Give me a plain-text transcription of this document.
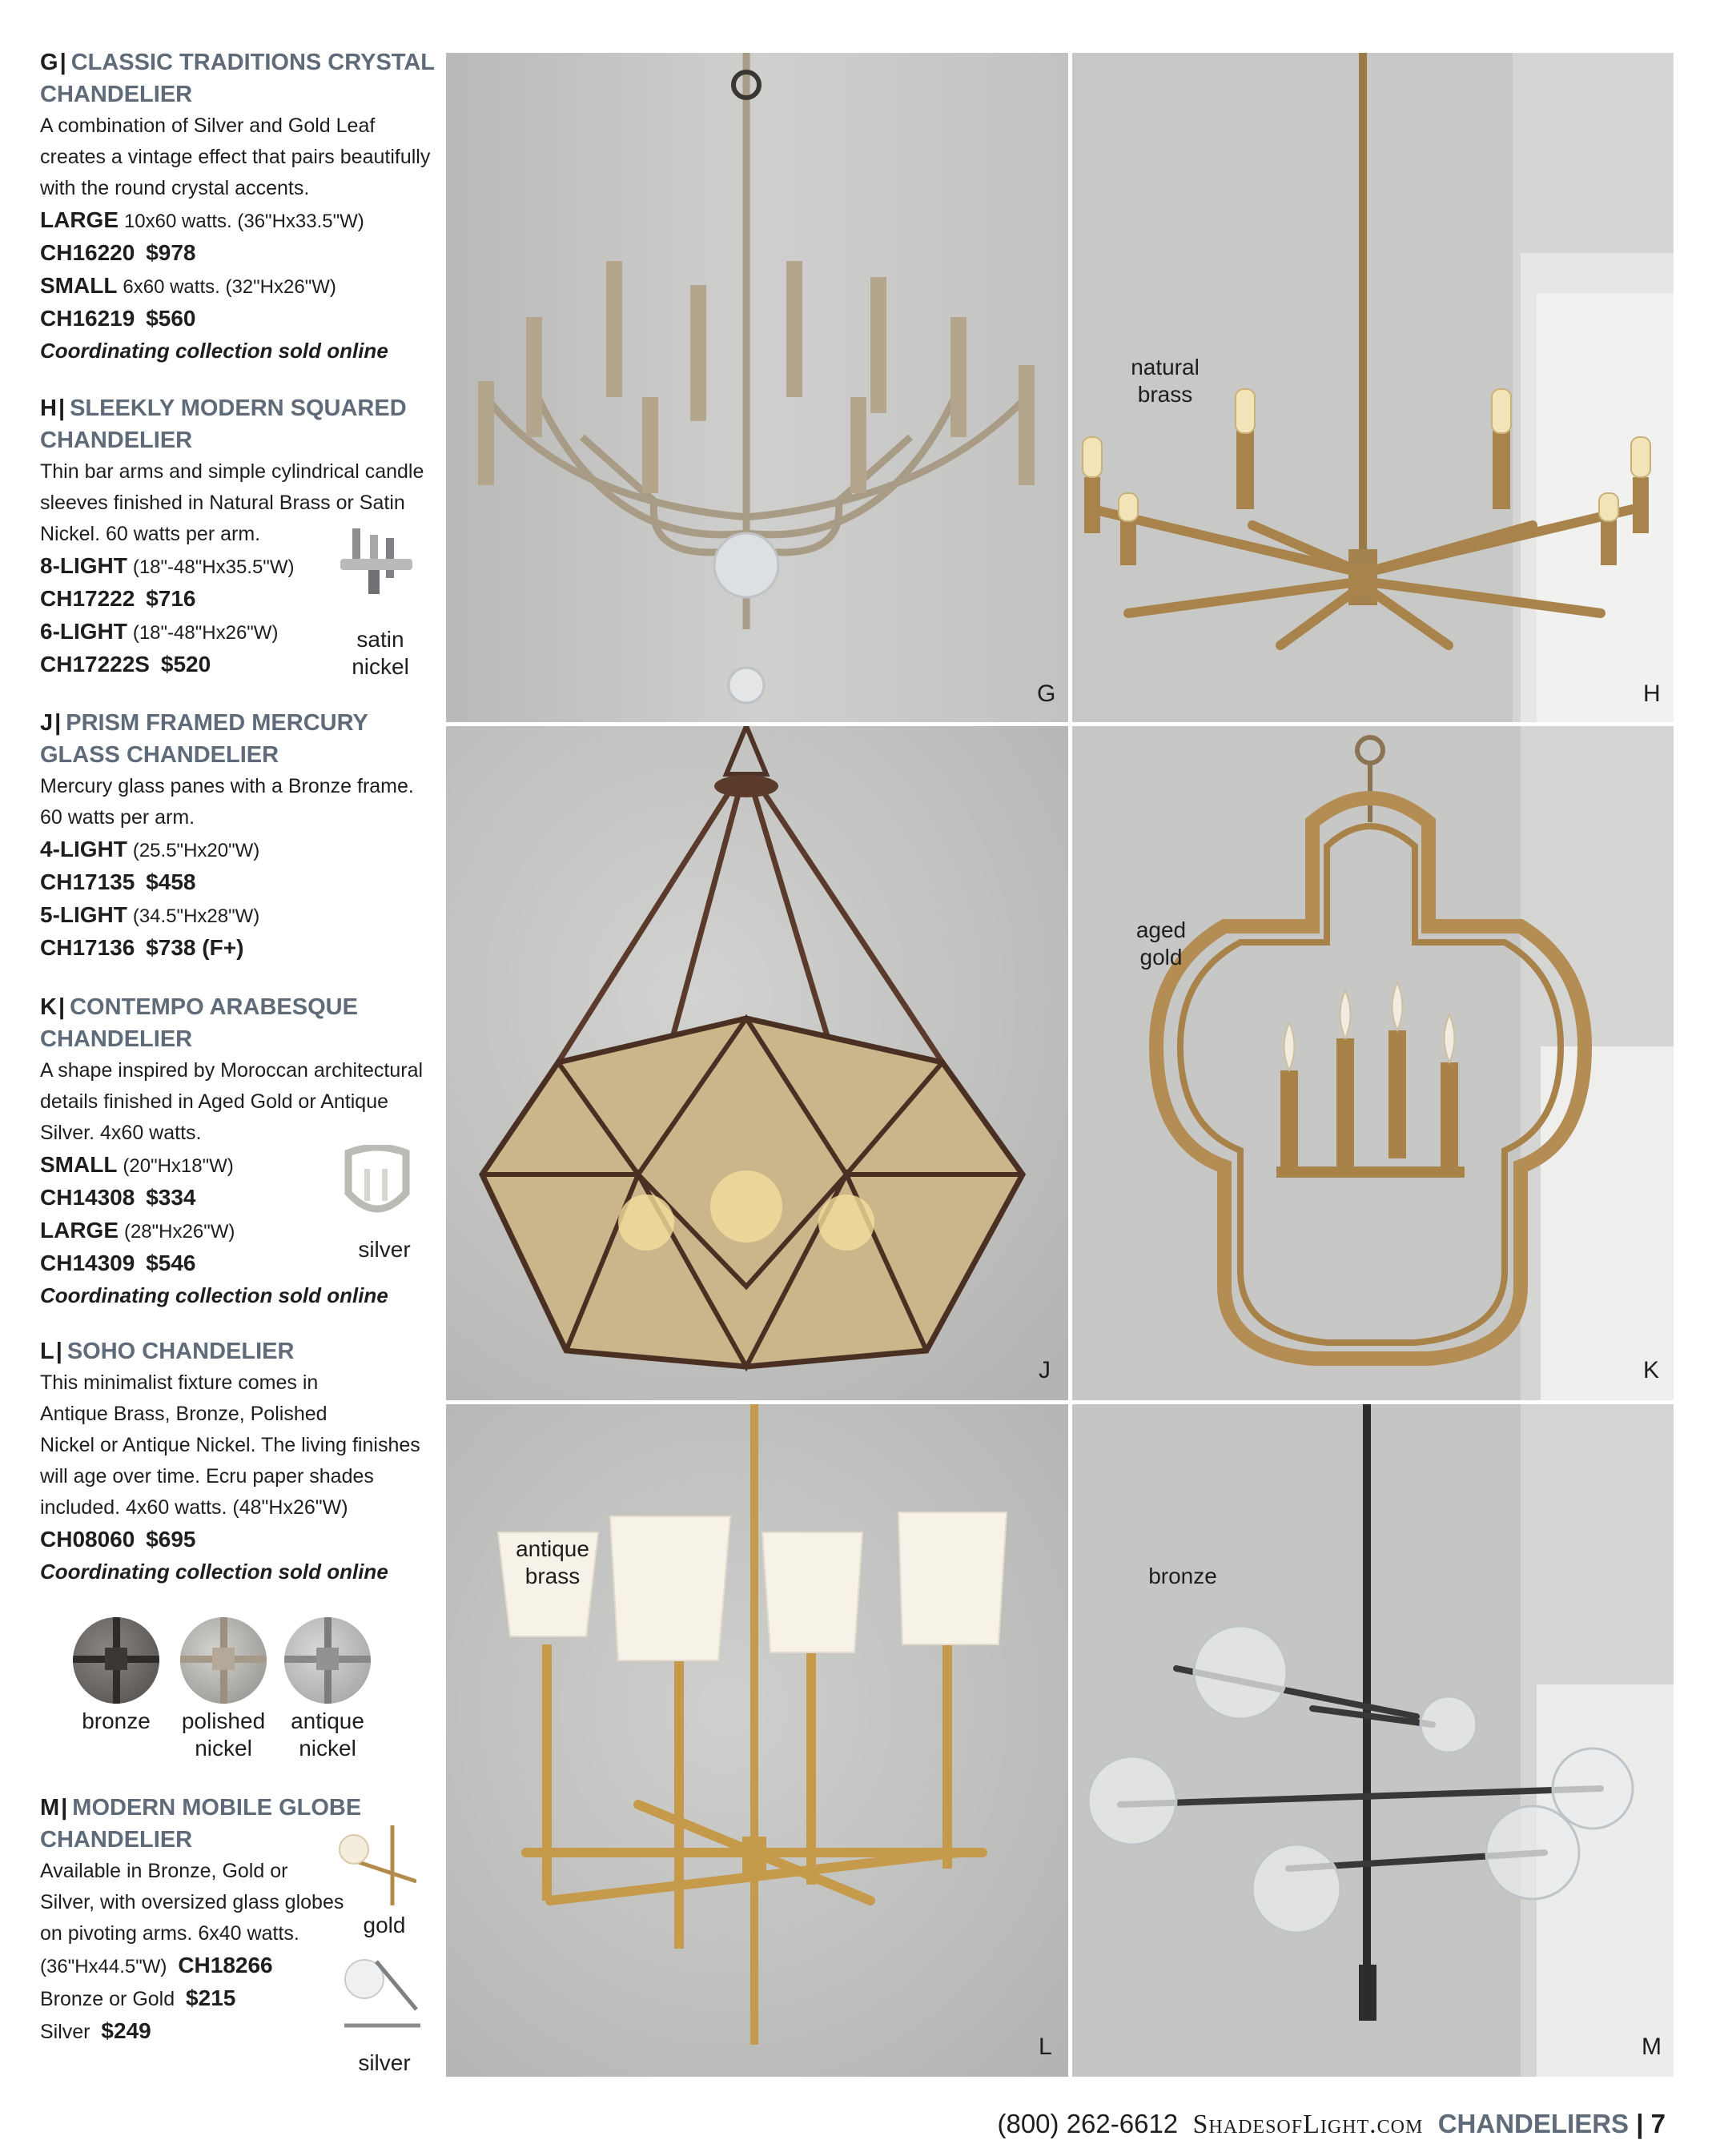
G| CLASSIC TRADITIONS CRYSTAL

CHANDELIER

A combination of Silver and Gold Leaf

creates a vintage effect that pairs beautifully

with the round crystal accents.

LARGE 10x60 watts. (36"Hx33.5"W)

CH16220 $978

SMALL 6x60 watts. (32"Hx26"W)

CH16219 $560

Coordinating collection sold online

H| SLEEKLY MODERN SQUARED

CHANDELIER

Thin bar arms and simple cylindrical candle

sleeves finished in Natural Brass or Satin

Nickel. 60 watts per arm.

8-LIGHT (18"-48"Hx35.5"W)

CH17222 $716

6-LIGHT (18"-48"Hx26"W)

CH17222S $520

J| PRISM FRAMED MERCURY

GLASS CHANDELIER

Mercury glass panes with a Bronze frame.

60 watts per arm.

4-LIGHT (25.5"Hx20"W)

CH17135 $458

5-LIGHT (34.5"Hx28"W)

CH17136 $738 (F+)

K| CONTEMPO ARABESQUE

CHANDELIER

A shape inspired by Moroccan architectural

details finished in Aged Gold or Antique

Silver. 4x60 watts.

SMALL (20"Hx18"W)

CH14308 $334

LARGE (28"Hx26"W)

CH14309 $546

Coordinating collection sold online

L| SOHO CHANDELIER

This minimalist fixture comes in

Antique Brass, Bronze, Polished

Nickel or Antique Nickel. The living finishes

will age over time. Ecru paper shades

included. 4x60 watts. (48"Hx26"W)

CH08060 $695

Coordinating collection sold online

M| MODERN MOBILE GLOBE

CHANDELIER

Available in Bronze, Gold or

Silver, with oversized glass globes

on pivoting arms. 6x40 watts.

(36"Hx44.5"W) CH18266

Bronze or Gold $215

Silver $249

satin
nickel
silver
bronze	polished
nickel
antique
nickel
gold
silver
G
natural
brass
H
J
aged
gold
K
antique
brass
L
bronze
M
(800) 262-6612 ShadesofLight.com CHANDELIERS | 7
